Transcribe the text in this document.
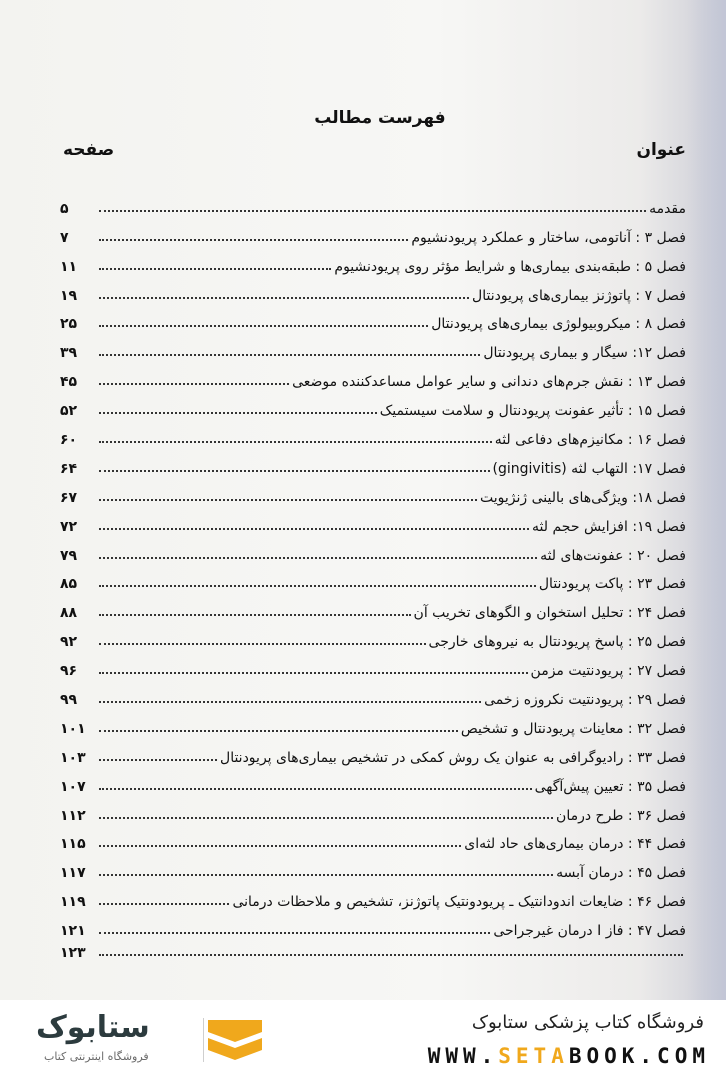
فهرست مطالب
عنوان
صفحه
مقدمه
۵
فصل ۳ : آناتومی، ساختار و عملکرد پریودنشیوم
۷
فصل ۵ : طبقه‌بندی بیماری‌ها و شرایط مؤثر روی پریودنشیوم
۱۱
فصل ۷ : پاتوژنز بیماری‌های پریودنتال
۱۹
فصل ۸ : میکروبیولوژی بیماری‌های پریودنتال
۲۵
فصل ۱۲: سیگار و بیماری پریودنتال
۳۹
فصل ۱۳ : نقش جرم‌های دندانی و سایر عوامل مساعدکننده موضعی
۴۵
فصل ۱۵ : تأثیر عفونت پریودنتال و سلامت سیستمیک
۵۲
فصل ۱۶ : مکانیزم‌های دفاعی لثه
۶۰
فصل ۱۷: التهاب لثه (gingivitis)
۶۴
فصل ۱۸: ویژگی‌های بالینی ژنژیویت
۶۷
فصل ۱۹: افزایش حجم لثه
۷۲
فصل ۲۰ : عفونت‌های لثه
۷۹
فصل ۲۳ : پاکت پریودنتال
۸۵
فصل ۲۴ : تحلیل استخوان و الگوهای تخریب آن
۸۸
فصل ۲۵ : پاسخ پریودنتال به نیروهای خارجی
۹۲
فصل ۲۷ : پریودنتیت مزمن
۹۶
فصل ۲۹ : پریودنتیت نکروزه زخمی
۹۹
فصل ۳۲ : معاینات پریودنتال و تشخیص
۱۰۱
فصل ۳۳ : رادیوگرافی به عنوان یک روش کمکی در تشخیص بیماری‌های پریودنتال
۱۰۳
فصل ۳۵ : تعیین پیش‌آگهی
۱۰۷
فصل ۳۶ : طرح درمان
۱۱۲
فصل ۴۴ : درمان بیماری‌های حاد لثه‌ای
۱۱۵
فصل ۴۵ : درمان آبسه
۱۱۷
فصل ۴۶ : ضایعات اندودانتیک ـ پریودونتیک پاتوژنز، تشخیص و ملاحظات درمانی
۱۱۹
فصل ۴۷ : فاز I درمان غیرجراحی
۱۲۱
۱۲۳
ستابوک
فروشگاه اینترنتی کتاب
فروشگاه کتاب پزشکی ستابوک
WWW.SETABOOK.COM
